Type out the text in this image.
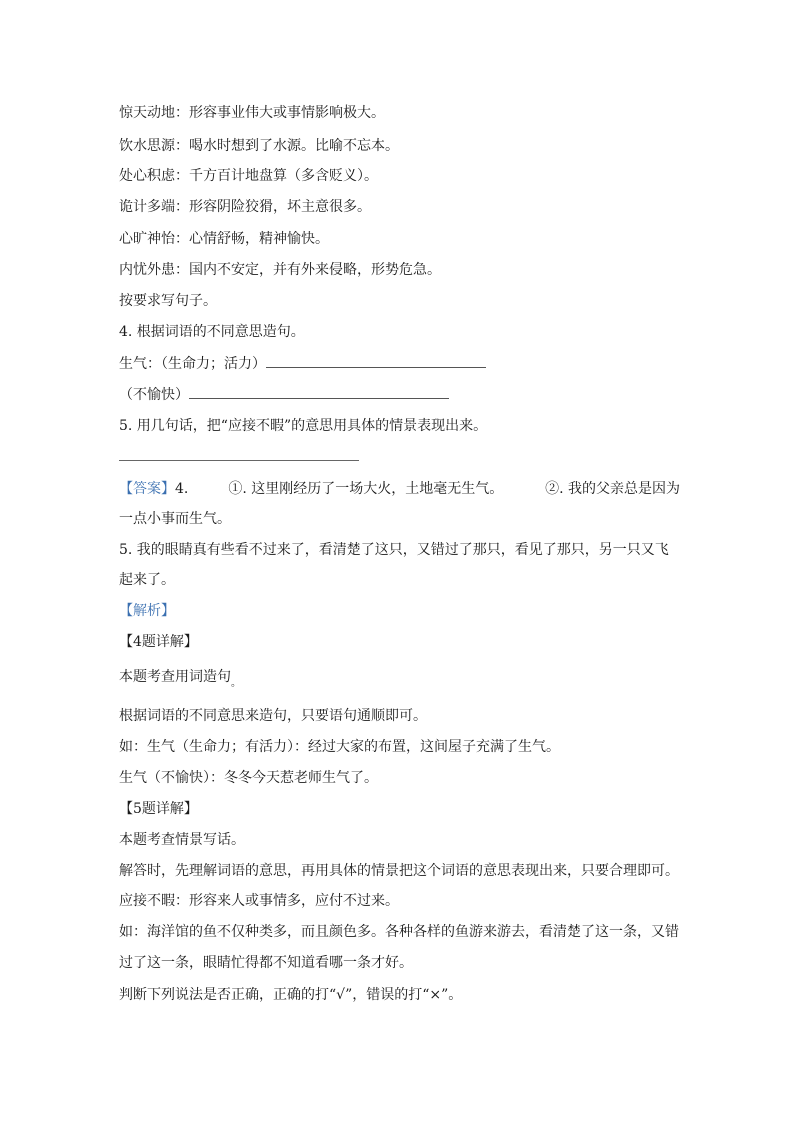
惊天动地：形容事业伟大或事情影响极大。
饮水思源：喝水时想到了水源。比喻不忘本。
处心积虑：千方百计地盘算（多含贬义）。
诡计多端：形容阴险狡猾，坏主意很多。
心旷神怡：心情舒畅，精神愉快。
内忧外患：国内不安定，并有外来侵略，形势危急。
按要求写句子。
4. 根据词语的不同意思造句。
生气：（生命力；活力）
（不愉快）
5. 用几句话，把“应接不暇”的意思用具体的情景表现出来。
【答案】4.	①. 这里刚经历了一场大火，土地毫无生气。	②. 我的父亲总是因为
一点小事而生气。
5. 我的眼睛真有些看不过来了，看清楚了这只，又错过了那只，看见了那只，另一只又飞
起来了。
【解析】
【4题详解】
本题考查用词造句$_。$
根据词语的不同意思来造句，只要语句通顺即可。
如：生气（生命力；有活力）：经过大家的布置，这间屋子充满了生气。
生气（不愉快）：冬冬今天惹老师生气了。
【5题详解】
本题考查情景写话。
解答时，先理解词语的意思，再用具体的情景把这个词语的意思表现出来，只要合理即可。
应接不暇：形容来人或事情多，应付不过来。
如：海洋馆的鱼不仅种类多，而且颜色多。各种各样的鱼游来游去，看清楚了这一条，又错
过了这一条，眼睛忙得都不知道看哪一条才好。
判断下列说法是否正确，正确的打“√”，错误的打“×”。
